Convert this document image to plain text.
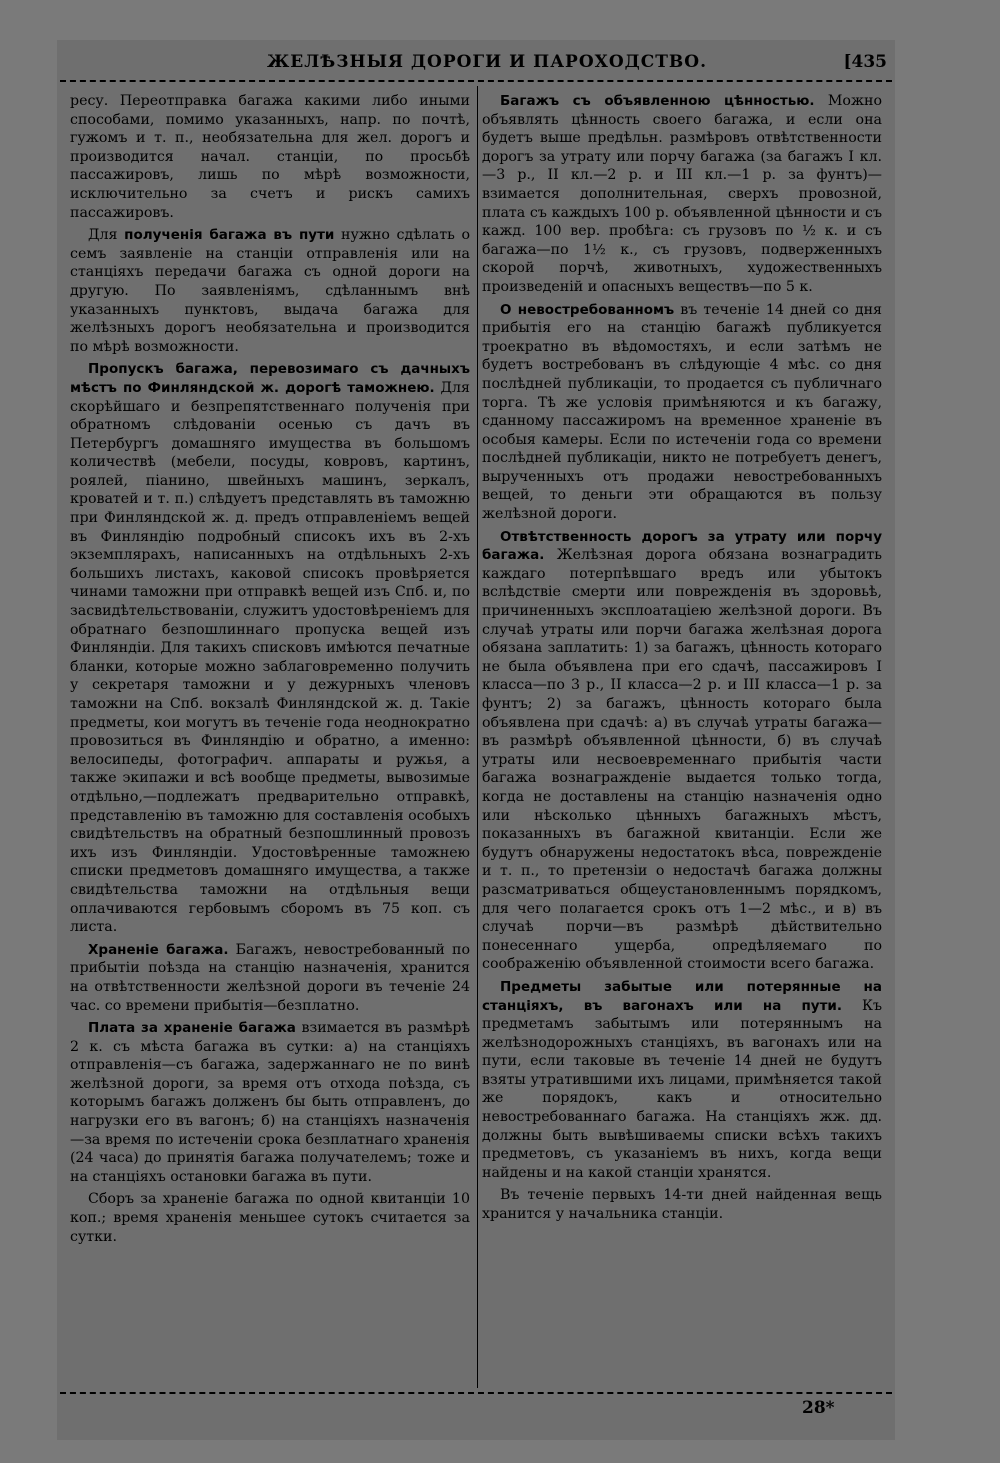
ЖЕЛѢЗНЫЯ ДОРОГИ И ПАРОХОДСТВО.	[435

ресу. Переотправка багажа какими либо иными способами, помимо указанныхъ, напр. по почтѣ, гужомъ и т. п., необязательна для жел. дорогъ и производится начал. станціи, по просьбѣ пассажировъ, лишь по мѣрѣ возможности, исключительно за счетъ и рискъ самихъ пассажировъ.

Для полученія багажа въ пути нужно сдѣлать о семъ заявленіе на станціи отправленія или на станціяхъ передачи багажа съ одной дороги на другую. По заявленіямъ, сдѣланнымъ внѣ указанныхъ пунктовъ, выдача багажа для желѣзныхъ дорогъ необязательна и производится по мѣрѣ возможности.

Пропускъ багажа, перевозимаго съ дачныхъ мѣстъ по Финляндской ж. дорогѣ таможнею. Для скорѣйшаго и безпрепятственнаго полученія при обратномъ слѣдованіи осенью съ дачъ въ Петербургъ домашняго имущества въ большомъ количествѣ (мебели, посуды, ковровъ, картинъ, роялей, піанино, швейныхъ машинъ, зеркалъ, кроватей и т. п.) слѣдуетъ представлять въ таможню при Финляндской ж. д. предъ отправленіемъ вещей въ Финляндію подробный списокъ ихъ въ 2-хъ экземплярахъ, написанныхъ на отдѣльныхъ 2-хъ большихъ листахъ, каковой списокъ провѣряется чинами таможни при отправкѣ вещей изъ Спб. и, по засвидѣтельствованіи, служитъ удостовѣреніемъ для обратнаго безпошлиннаго пропуска вещей изъ Финляндіи. Для такихъ списковъ имѣются печатные бланки, которые можно заблаговременно получить у секретаря таможни и у дежурныхъ членовъ таможни на Спб. вокзалѣ Финляндской ж. д. Такіе предметы, кои могутъ въ теченіе года неоднократно провозиться въ Финляндію и обратно, а именно: велосипеды, фотографич. аппараты и ружья, а также экипажи и всѣ вообще предметы, вывозимые отдѣльно,—подлежатъ предварительно отправкѣ, представленію въ таможню для составленія особыхъ свидѣтельствъ на обратный безпошлинный провозъ ихъ изъ Финляндіи. Удостовѣренные таможнею списки предметовъ домашняго имущества, а также свидѣтельства таможни на отдѣльныя вещи оплачиваются гербовымъ сборомъ въ 75 коп. съ листа.

Храненіе багажа. Багажъ, невостребованный по прибытіи поѣзда на станцію назначенія, хранится на отвѣтственности желѣзной дороги въ теченіе 24 час. со времени прибытія—безплатно.

Плата за храненіе багажа взимается въ размѣрѣ 2 к. съ мѣста багажа въ сутки: а) на станціяхъ отправленія—съ багажа, задержаннаго не по винѣ желѣзной дороги, за время отъ отхода поѣзда, съ которымъ багажъ долженъ бы быть отправленъ, до нагрузки его въ вагонъ; б) на станціяхъ назначенія—за время по истеченіи срока безплатнаго храненія (24 часа) до принятія багажа получателемъ; тоже и на станціяхъ остановки багажа въ пути.

Сборъ за храненіе багажа по одной квитанціи 10 коп.; время храненія меньшее сутокъ считается за сутки.

Багажъ съ объявленною цѣнностью. Можно объявлять цѣнность своего багажа, и если она будетъ выше предѣльн. размѣровъ отвѣтственности дорогъ за утрату или порчу багажа (за багажъ I кл.—3 р., II кл.—2 р. и III кл.—1 р. за фунтъ)—взимается дополнительная, сверхъ провозной, плата съ каждыхъ 100 р. объявленной цѣнности и съ кажд. 100 вер. пробѣга: съ грузовъ по ½ к. и съ багажа—по 1½ к., съ грузовъ, подверженныхъ скорой порчѣ, животныхъ, художественныхъ произведеній и опасныхъ веществъ—по 5 к.

О невостребованномъ въ теченіе 14 дней со дня прибытія его на станцію багажѣ публикуется троекратно въ вѣдомостяхъ, и если затѣмъ не будетъ востребованъ въ слѣдующіе 4 мѣс. со дня послѣдней публикаціи, то продается съ публичнаго торга. Тѣ же условія примѣняются и къ багажу, сданному пассажиромъ на временное храненіе въ особыя камеры. Если по истеченіи года со времени послѣдней публикаціи, никто не потребуетъ денегъ, вырученныхъ отъ продажи невостребованныхъ вещей, то деньги эти обращаются въ пользу желѣзной дороги.

Отвѣтственность дорогъ за утрату или порчу багажа. Желѣзная дорога обязана вознаградить каждаго потерпѣвшаго вредъ или убытокъ вслѣдствіе смерти или поврежденія въ здоровьѣ, причиненныхъ эксплоатаціею желѣзной дороги. Въ случаѣ утраты или порчи багажа желѣзная дорога обязана заплатить: 1) за багажъ, цѣнность котораго не была объявлена при его сдачѣ, пассажировъ I класса—по 3 р., II класса—2 р. и III класса—1 р. за фунтъ; 2) за багажъ, цѣнность котораго была объявлена при сдачѣ: а) въ случаѣ утраты багажа—въ размѣрѣ объявленной цѣнности, б) въ случаѣ утраты или несвоевременнаго прибытія части багажа вознагражденіе выдается только тогда, когда не доставлены на станцію назначенія одно или нѣсколько цѣнныхъ багажныхъ мѣстъ, показанныхъ въ багажной квитанціи. Если же будутъ обнаружены недостатокъ вѣса, поврежденіе и т. п., то претензіи о недостачѣ багажа должны разсматриваться общеустановленнымъ порядкомъ, для чего полагается срокъ отъ 1—2 мѣс., и в) въ случаѣ порчи—въ размѣрѣ дѣйствительно понесеннаго ущерба, опредѣляемаго по соображенію объявленной стоимости всего багажа.

Предметы забытые или потерянные на станціяхъ, въ вагонахъ или на пути. Къ предметамъ забытымъ или потеряннымъ на желѣзнодорожныхъ станціяхъ, въ вагонахъ или на пути, если таковые въ теченіе 14 дней не будутъ взяты утратившими ихъ лицами, примѣняется такой же порядокъ, какъ и относительно невостребованнаго багажа. На станціяхъ жж. дд. должны быть вывѣшиваемы списки всѣхъ такихъ предметовъ, съ указаніемъ въ нихъ, когда вещи найдены и на какой станціи хранятся.

Въ теченіе первыхъ 14-ти дней найденная вещь хранится у начальника станціи.

28*
